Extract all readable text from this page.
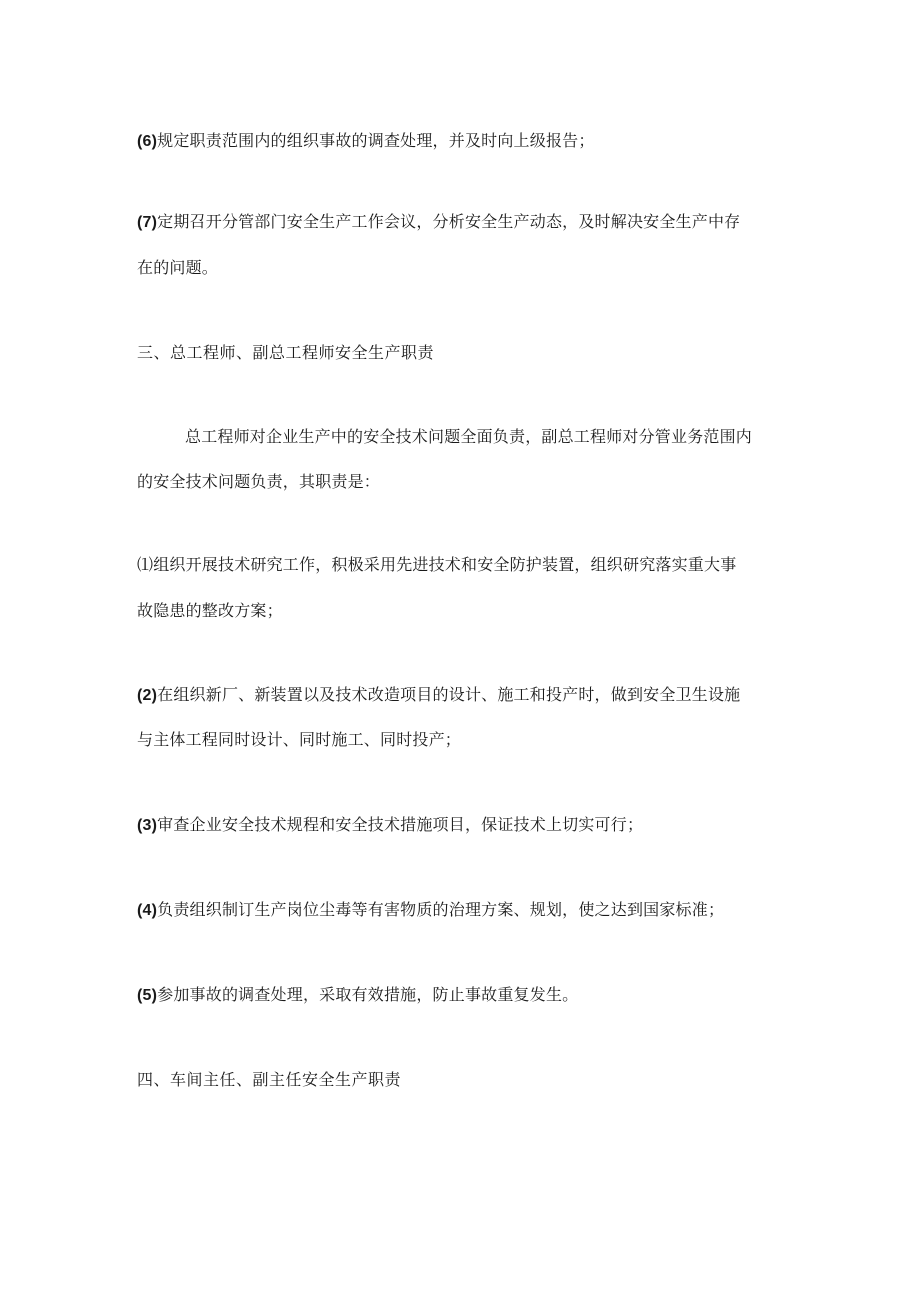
(6)规定职责范围内的组织事故的调查处理，并及时向上级报告；
(7)定期召开分管部门安全生产工作会议，分析安全生产动态，及时解决安全生产中存
在的问题。
三、总工程师、副总工程师安全生产职责
总工程师对企业生产中的安全技术问题全面负责，副总工程师对分管业务范围内
的安全技术问题负责，其职责是：
⑴组织开展技术研究工作，积极采用先进技术和安全防护装置，组织研究落实重大事
故隐患的整改方案；
(2)在组织新厂、新装置以及技术改造项目的设计、施工和投产时，做到安全卫生设施
与主体工程同时设计、同时施工、同时投产；
(3)审查企业安全技术规程和安全技术措施项目，保证技术上切实可行；
(4)负责组织制订生产岗位尘毒等有害物质的治理方案、规划，使之达到国家标准；
(5)参加事故的调查处理，采取有效措施，防止事故重复发生。
四、车间主任、副主任安全生产职责
